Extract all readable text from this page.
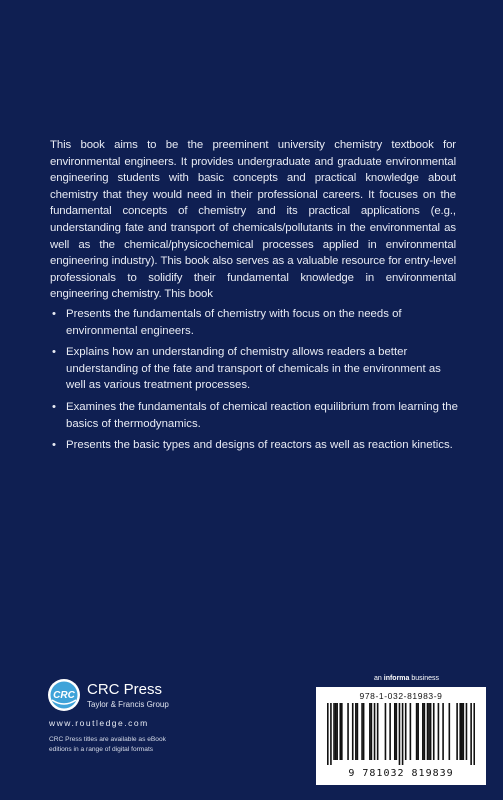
This book aims to be the preeminent university chemistry textbook for environmental engineers. It provides undergraduate and graduate environmental engineering students with basic concepts and practical knowledge about chemistry that they would need in their professional careers. It focuses on the fundamental concepts of chemistry and its practical applications (e.g., understanding fate and transport of chemicals/pollutants in the environmental as well as the chemical/physicochemical processes applied in environmental engineering industry). This book also serves as a valuable resource for entry-level professionals to solidify their fundamental knowledge in environmental engineering chemistry. This book

• Presents the fundamentals of chemistry with focus on the needs of environmental engineers.
• Explains how an understanding of chemistry allows readers a better understanding of the fate and transport of chemicals in the environment as well as various treatment processes.
• Examines the fundamentals of chemical reaction equilibrium from learning the basics of thermodynamics.
• Presents the basic types and designs of reactors as well as reaction kinetics.
CRC CRC Press
Taylor & Francis Group
www.routledge.com
CRC Press titles are available as eBook editions in a range of digital formats
an informa business
978-1-032-81983-9
9 781032 819839
